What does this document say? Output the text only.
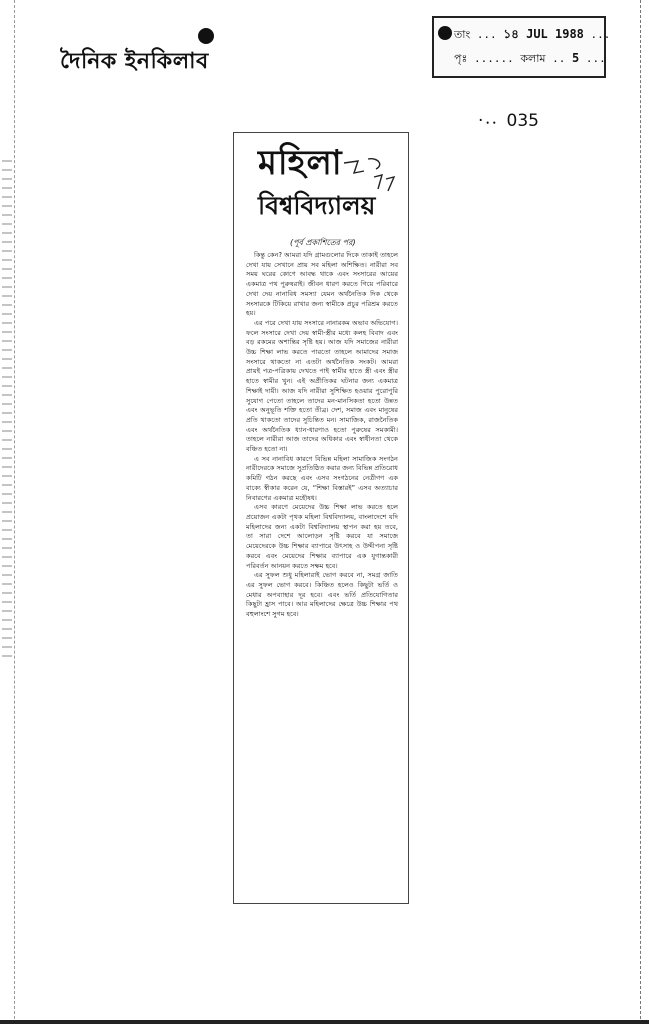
দৈনিক ইনকিলাব
তাং ... ১৪ JUL 1988 ...
পৃঃ ...... কলাম .. 5 ...
·⸳⸳ 035
মহিলা
বিশ্ববিদ্যালয়
(পূর্ব প্রকাশিতের পর)

কিন্তু কেন? আমরা যদি গ্রামগুলোর দিকে তাকাই তাহলে দেখা যায় সেখানে প্রায় সব মহিলা অশিক্ষিত। নারীরা সব সময় ঘরের কোণে আবদ্ধ থাকে এবং সংসারের আয়ের একমাত্র পথ পুরুষরাই। জীবন ধারণ করতে গিয়ে পরিবারে দেখা দেয় নানাবিধ সমস্যা যেমন অর্থনৈতিক দিক থেকে সংসারকে টিকিয়ে রাখার জন্য স্বামীকে প্রচুর পরিশ্রম করতে হয়।

এর পরে দেখা যায় সংসারে নানারকম অভাব অভিযোগ। ফলে সংসারে দেখা দেয় স্বামী-স্ত্রীর মধ্যে কলহ বিবাদ এবং বড় রকমের অশান্তির সৃষ্টি হয়। আজ যদি সমাজের নারীরা উচ্চ শিক্ষা লাভ করতে পারতো তাহলে আমাদের সমাজ সংসারে থাকতো না এতটা অর্থনৈতিক সংকট। আমরা প্রায়ই পত্র-পত্রিকায় দেখতে পাই স্বামীর হাতে স্ত্রী এবং স্ত্রীর হাতে স্বামীর খুন। এই অপ্রীতিকর ঘটনার জন্য একমাত্র শিক্ষাই দায়ী। আজ যদি নারীরা সুশিক্ষিত হওয়ার পুরোপুরি সুযোগ পেতো তাহলে তাদের মন-মানসিকতা হতো উন্নত এবং অনুভূতি শক্তি হতো তীব্র। দেশ, সমাজ এবং মানুষের প্রতি থাকতো তাদের সুচিন্তিত মন। সামাজিক, রাজনৈতিক এবং অর্থনৈতিক ধ্যান-ধারণাও হতো পুরুষের সমকামী। তাহলে নারীরা আজ তাদের অধিকার এবং স্বাধীনতা থেকে বঞ্চিত হতো না।

এ সব নানাবিধ কারণে বিভিন্ন মহিলা সামাজিক সংগঠন নারীদেরকে সমাজে সুপ্রতিষ্ঠিত করার জন্য বিভিন্ন প্রতিরোধ কমিটি গঠন করছে এবং এসব সংগঠনের নেত্রীগণ এক বাক্যে স্বীকার করেন যে, “শিক্ষা বিস্তারই” এসব অত্যাচার নিবারণের একমাত্র মহৌষধ।

এসব কারণে মেয়েদের উচ্চ শিক্ষা লাভ করতে হলে প্রয়োজন একটা পৃথক মহিলা বিশ্ববিদ্যালয়, বাংলাদেশে যদি মহিলাদের জন্য একটা বিশ্ববিদ্যালয় স্থাপন করা হয় তবে, তা সারা দেশে আলোড়ন সৃষ্টি করবে যা সমাজে মেয়েদেরকে উচ্চ শিক্ষার ব্যাপারে উৎসাহ ও উদ্দীপনা সৃষ্টি করবে এবং মেয়েদের শিক্ষার ব্যাপারে এক যুগান্তকারী পরিবর্তন আনয়ন করতে সক্ষম হবে।

এর সুফল শুধু মহিলারাই ভোগ করবে না, সমগ্র জাতি এর সুফল ভোগ করবে। কিঞ্চিত হলেও কিছুটা ভর্তি ও মেধার অপব্যাহার দূর হবে। এবং ভর্তি প্রতিযোগিতার কিছুটা হ্রাস পাবে। আর মহিলাদের ক্ষেত্রে উচ্চ শিক্ষার পথ বহুলাংশে সুগম হবে।
